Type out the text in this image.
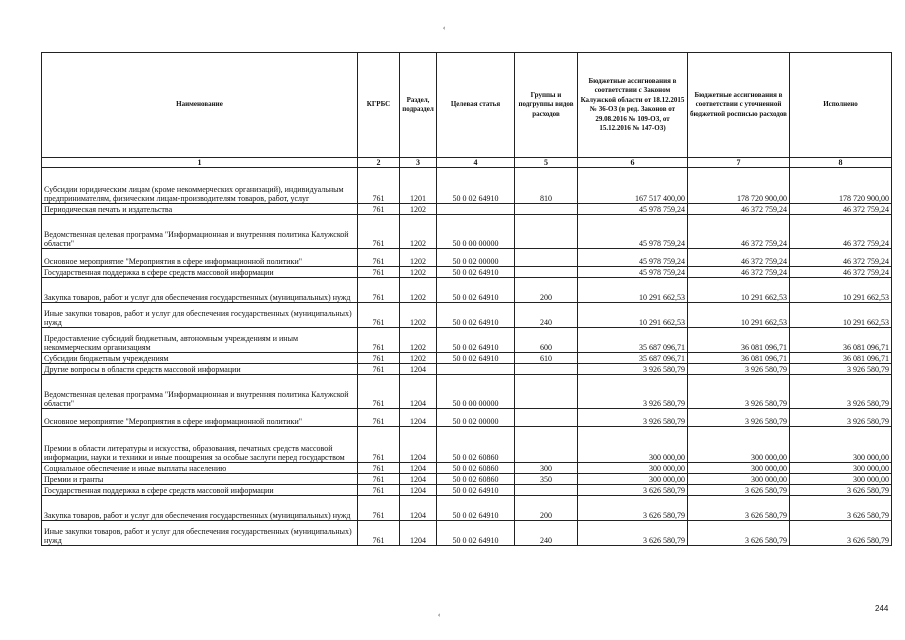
‹
Наименование	КГРБС	Раздел, подраздел	Целевая статья	Группы и подгруппы видов расходов	Бюджетные ассигнования в соответствии с Законом Калужской области от 18.12.2015 № 36-ОЗ (в ред. Законов от 29.08.2016 № 109-ОЗ, от 15.12.2016 № 147-ОЗ)	Бюджетные ассигнования в соответствии с уточненной бюджетной росписью расходов	Исполнено
1	2	3	4	5	6	7	8
Субсидии юридическим лицам (кроме некоммерческих организаций), индивидуальным предпринимателям, физическим лицам-производителям товаров, работ, услуг	761	1201	50 0 02 64910	810	167 517 400,00	178 720 900,00	178 720 900,00
Периодическая печать и издательства	761	1202			45 978 759,24	46 372 759,24	46 372 759,24
Ведомственная целевая программа "Информационная и внутренняя политика Калужской области"	761	1202	50 0 00 00000		45 978 759,24	46 372 759,24	46 372 759,24
Основное мероприятие "Мероприятия в сфере информационной политики"	761	1202	50 0 02 00000		45 978 759,24	46 372 759,24	46 372 759,24
Государственная поддержка в сфере средств массовой информации	761	1202	50 0 02 64910		45 978 759,24	46 372 759,24	46 372 759,24
Закупка товаров, работ и услуг для обеспечения государственных (муниципальных) нужд	761	1202	50 0 02 64910	200	10 291 662,53	10 291 662,53	10 291 662,53
Иные закупки товаров, работ и услуг для обеспечения государственных (муниципальных) нужд	761	1202	50 0 02 64910	240	10 291 662,53	10 291 662,53	10 291 662,53
Предоставление субсидий бюджетным, автономным учреждениям и иным некоммерческим организациям	761	1202	50 0 02 64910	600	35 687 096,71	36 081 096,71	36 081 096,71
Субсидии бюджетным учреждениям	761	1202	50 0 02 64910	610	35 687 096,71	36 081 096,71	36 081 096,71
Другие вопросы в области средств массовой информации	761	1204			3 926 580,79	3 926 580,79	3 926 580,79
Ведомственная целевая программа "Информационная и внутренняя политика Калужской области"	761	1204	50 0 00 00000		3 926 580,79	3 926 580,79	3 926 580,79
Основное мероприятие "Мероприятия в сфере информационной политики"	761	1204	50 0 02 00000		3 926 580,79	3 926 580,79	3 926 580,79
Премии в области литературы и искусства, образования, печатных средств массовой информации, науки и техники и иные поощрения за особые заслуги перед государством	761	1204	50 0 02 60860		300 000,00	300 000,00	300 000,00
Социальное обеспечение и иные выплаты населению	761	1204	50 0 02 60860	300	300 000,00	300 000,00	300 000,00
Премии и гранты	761	1204	50 0 02 60860	350	300 000,00	300 000,00	300 000,00
Государственная поддержка в сфере средств массовой информации	761	1204	50 0 02 64910		3 626 580,79	3 626 580,79	3 626 580,79
Закупка товаров, работ и услуг для обеспечения государственных (муниципальных) нужд	761	1204	50 0 02 64910	200	3 626 580,79	3 626 580,79	3 626 580,79
Иные закупки товаров, работ и услуг для обеспечения государственных (муниципальных) нужд	761	1204	50 0 02 64910	240	3 626 580,79	3 626 580,79	3 626 580,79
‹
244
